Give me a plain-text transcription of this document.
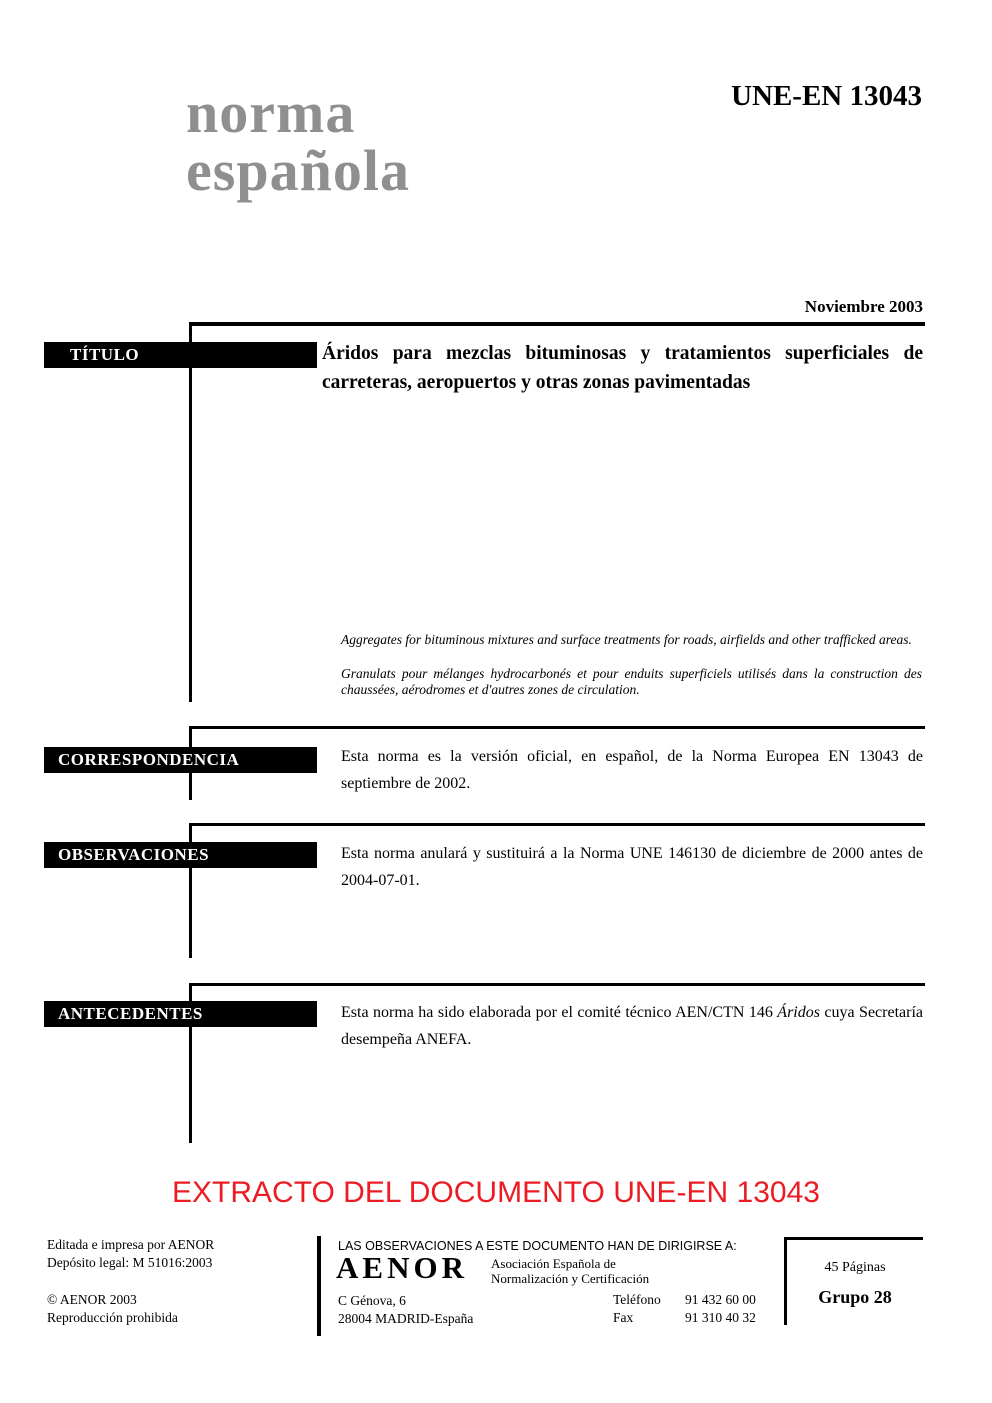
norma
española
UNE-EN 13043
Noviembre 2003
TÍTULO	Áridos para mezclas bituminosas y tratamientos superficiales de carreteras, aeropuertos y otras zonas pavimentadas
Aggregates for bituminous mixtures and surface treatments for roads, airfields and other trafficked areas.
Granulats pour mélanges hydrocarbonés et pour enduits superficiels utilisés dans la construction des chaussées, aérodromes et d'autres zones de circulation.
CORRESPONDENCIA	Esta norma es la versión oficial, en español, de la Norma Europea EN 13043 de septiembre de 2002.
OBSERVACIONES	Esta norma anulará y sustituirá a la Norma UNE 146130 de diciembre de 2000 antes de 2004-07-01.
ANTECEDENTES	Esta norma ha sido elaborada por el comité técnico AEN/CTN 146 Áridos cuya Secretaría desempeña ANEFA.
EXTRACTO DEL DOCUMENTO UNE-EN 13043
Editada e impresa por AENOR
Depósito legal: M 51016:2003
© AENOR 2003
Reproducción prohibida
LAS OBSERVACIONES A ESTE DOCUMENTO HAN DE DIRIGIRSE A:
AENOR Asociación Española de
Normalización y Certificación
C Génova, 6
28004 MADRID-España
Teléfono 91 432 60 00
Fax	91 310 40 32
45 Páginas
Grupo 28
